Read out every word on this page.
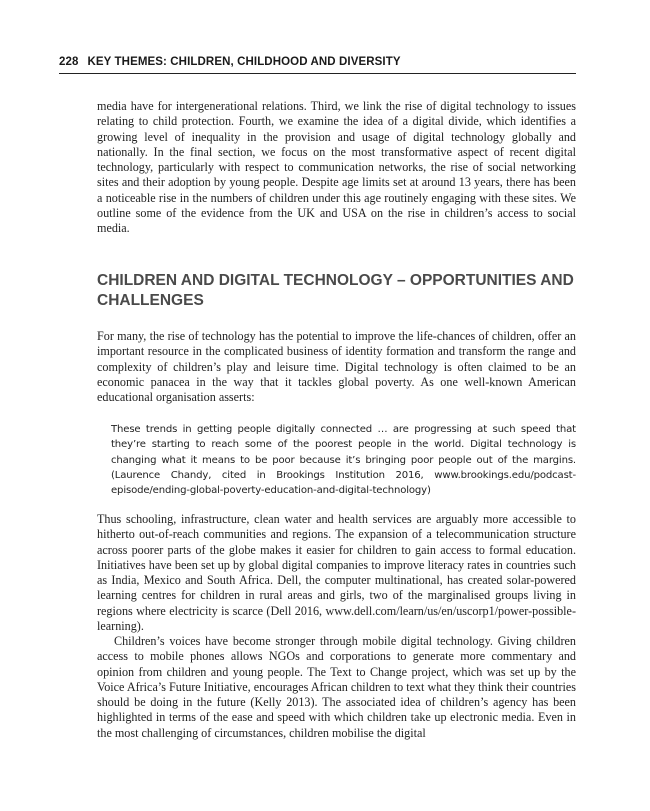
228 KEY THEMES: CHILDREN, CHILDHOOD AND DIVERSITY

media have for intergenerational relations. Third, we link the rise of digital technology to issues relating to child protection. Fourth, we examine the idea of a digital divide, which identifies a growing level of inequality in the provision and usage of digital technology globally and nationally. In the final section, we focus on the most transformative aspect of recent digital technology, particularly with respect to communication networks, the rise of social networking sites and their adoption by young people. Despite age limits set at around 13 years, there has been a noticeable rise in the numbers of children under this age routinely engaging with these sites. We outline some of the evidence from the UK and USA on the rise in children’s access to social media.

CHILDREN AND DIGITAL TECHNOLOGY – OPPORTUNITIES AND CHALLENGES

For many, the rise of technology has the potential to improve the life-chances of children, offer an important resource in the complicated business of identity formation and transform the range and complexity of children’s play and leisure time. Digital technology is often claimed to be an economic panacea in the way that it tackles global poverty. As one well-known American educational organisation asserts:

These trends in getting people digitally connected … are progressing at such speed that they’re starting to reach some of the poorest people in the world. Digital technology is changing what it means to be poor because it’s bringing poor people out of the margins. (Laurence Chandy, cited in Brookings Institution 2016, www.brookings.edu/podcast-episode/ending-global-poverty-education-and-digital-technology)

Thus schooling, infrastructure, clean water and health services are arguably more accessible to hitherto out-of-reach communities and regions. The expansion of a telecommunication structure across poorer parts of the globe makes it easier for children to gain access to formal education. Initiatives have been set up by global digital companies to improve literacy rates in countries such as India, Mexico and South Africa. Dell, the computer multinational, has created solar-powered learning centres for children in rural areas and girls, two of the marginalised groups living in regions where electricity is scarce (Dell 2016, www.dell.com/learn/us/en/uscorp1/power-possible-learning).

Children’s voices have become stronger through mobile digital technology. Giving children access to mobile phones allows NGOs and corporations to generate more commentary and opinion from children and young people. The Text to Change project, which was set up by the Voice Africa’s Future Initiative, encourages African children to text what they think their countries should be doing in the future (Kelly 2013). The associated idea of children’s agency has been highlighted in terms of the ease and speed with which children take up electronic media. Even in the most challenging of circumstances, children mobilise the digital
